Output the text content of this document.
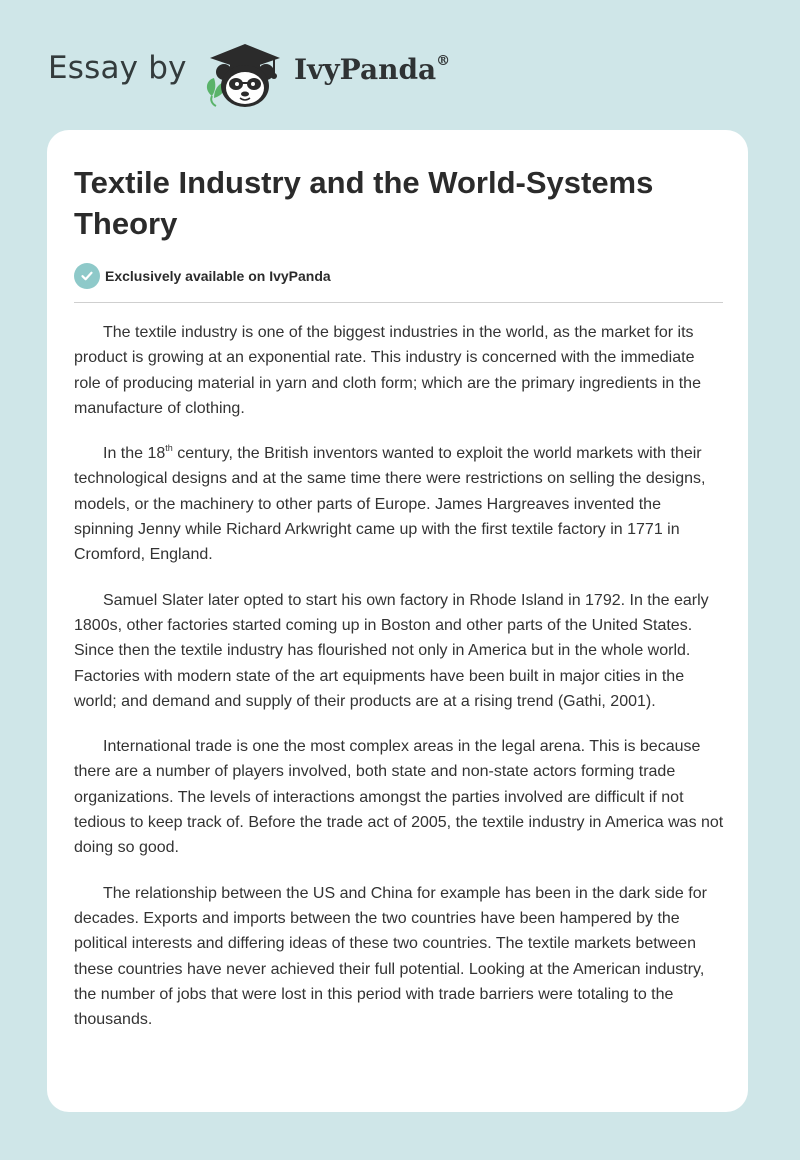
Essay by	IvyPanda®
Textile Industry and the World-Systems Theory
Exclusively available on IvyPanda

The textile industry is one of the biggest industries in the world, as the market for its product is growing at an exponential rate. This industry is concerned with the immediate role of producing material in yarn and cloth form; which are the primary ingredients in the manufacture of clothing.

In the 18th century, the British inventors wanted to exploit the world markets with their technological designs and at the same time there were restrictions on selling the designs, models, or the machinery to other parts of Europe. James Hargreaves invented the spinning Jenny while Richard Arkwright came up with the first textile factory in 1771 in Cromford, England.

Samuel Slater later opted to start his own factory in Rhode Island in 1792. In the early 1800s, other factories started coming up in Boston and other parts of the United States. Since then the textile industry has flourished not only in America but in the whole world. Factories with modern state of the art equipments have been built in major cities in the world; and demand and supply of their products are at a rising trend (Gathi, 2001).

International trade is one the most complex areas in the legal arena. This is because there are a number of players involved, both state and non-state actors forming trade organizations. The levels of interactions amongst the parties involved are difficult if not tedious to keep track of. Before the trade act of 2005, the textile industry in America was not doing so good.

The relationship between the US and China for example has been in the dark side for decades. Exports and imports between the two countries have been hampered by the political interests and differing ideas of these two countries. The textile markets between these countries have never achieved their full potential. Looking at the American industry, the number of jobs that were lost in this period with trade barriers were totaling to the thousands.
